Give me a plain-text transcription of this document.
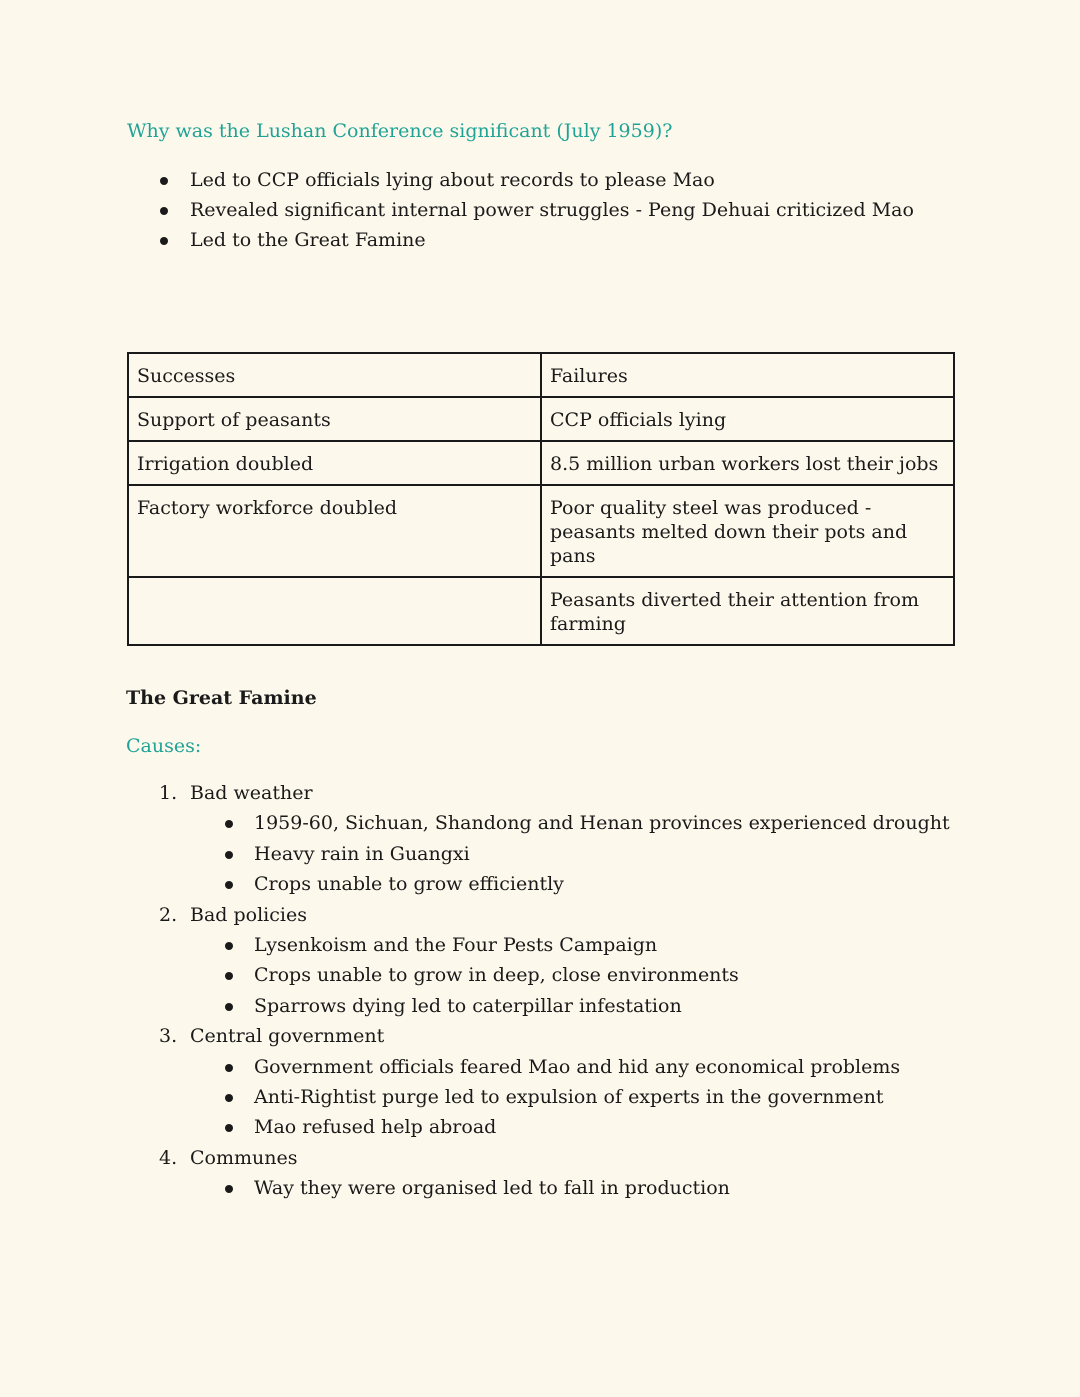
Why was the Lushan Conference significant (July 1959)?
Led to CCP officials lying about records to please Mao
Revealed significant internal power struggles - Peng Dehuai criticized Mao
Led to the Great Famine
Successes	Failures
Support of peasants	CCP officials lying
Irrigation doubled	8.5 million urban workers lost their jobs
Factory workforce doubled	Poor quality steel was produced - peasants melted down their pots and pans
	Peasants diverted their attention from farming
The Great Famine

Causes:

1. Bad weather
1959-60, Sichuan, Shandong and Henan provinces experienced drought
Heavy rain in Guangxi
Crops unable to grow efficiently
2. Bad policies
Lysenkoism and the Four Pests Campaign
Crops unable to grow in deep, close environments
Sparrows dying led to caterpillar infestation
3. Central government
Government officials feared Mao and hid any economical problems
Anti-Rightist purge led to expulsion of experts in the government
Mao refused help abroad
4. Communes
Way they were organised led to fall in production
